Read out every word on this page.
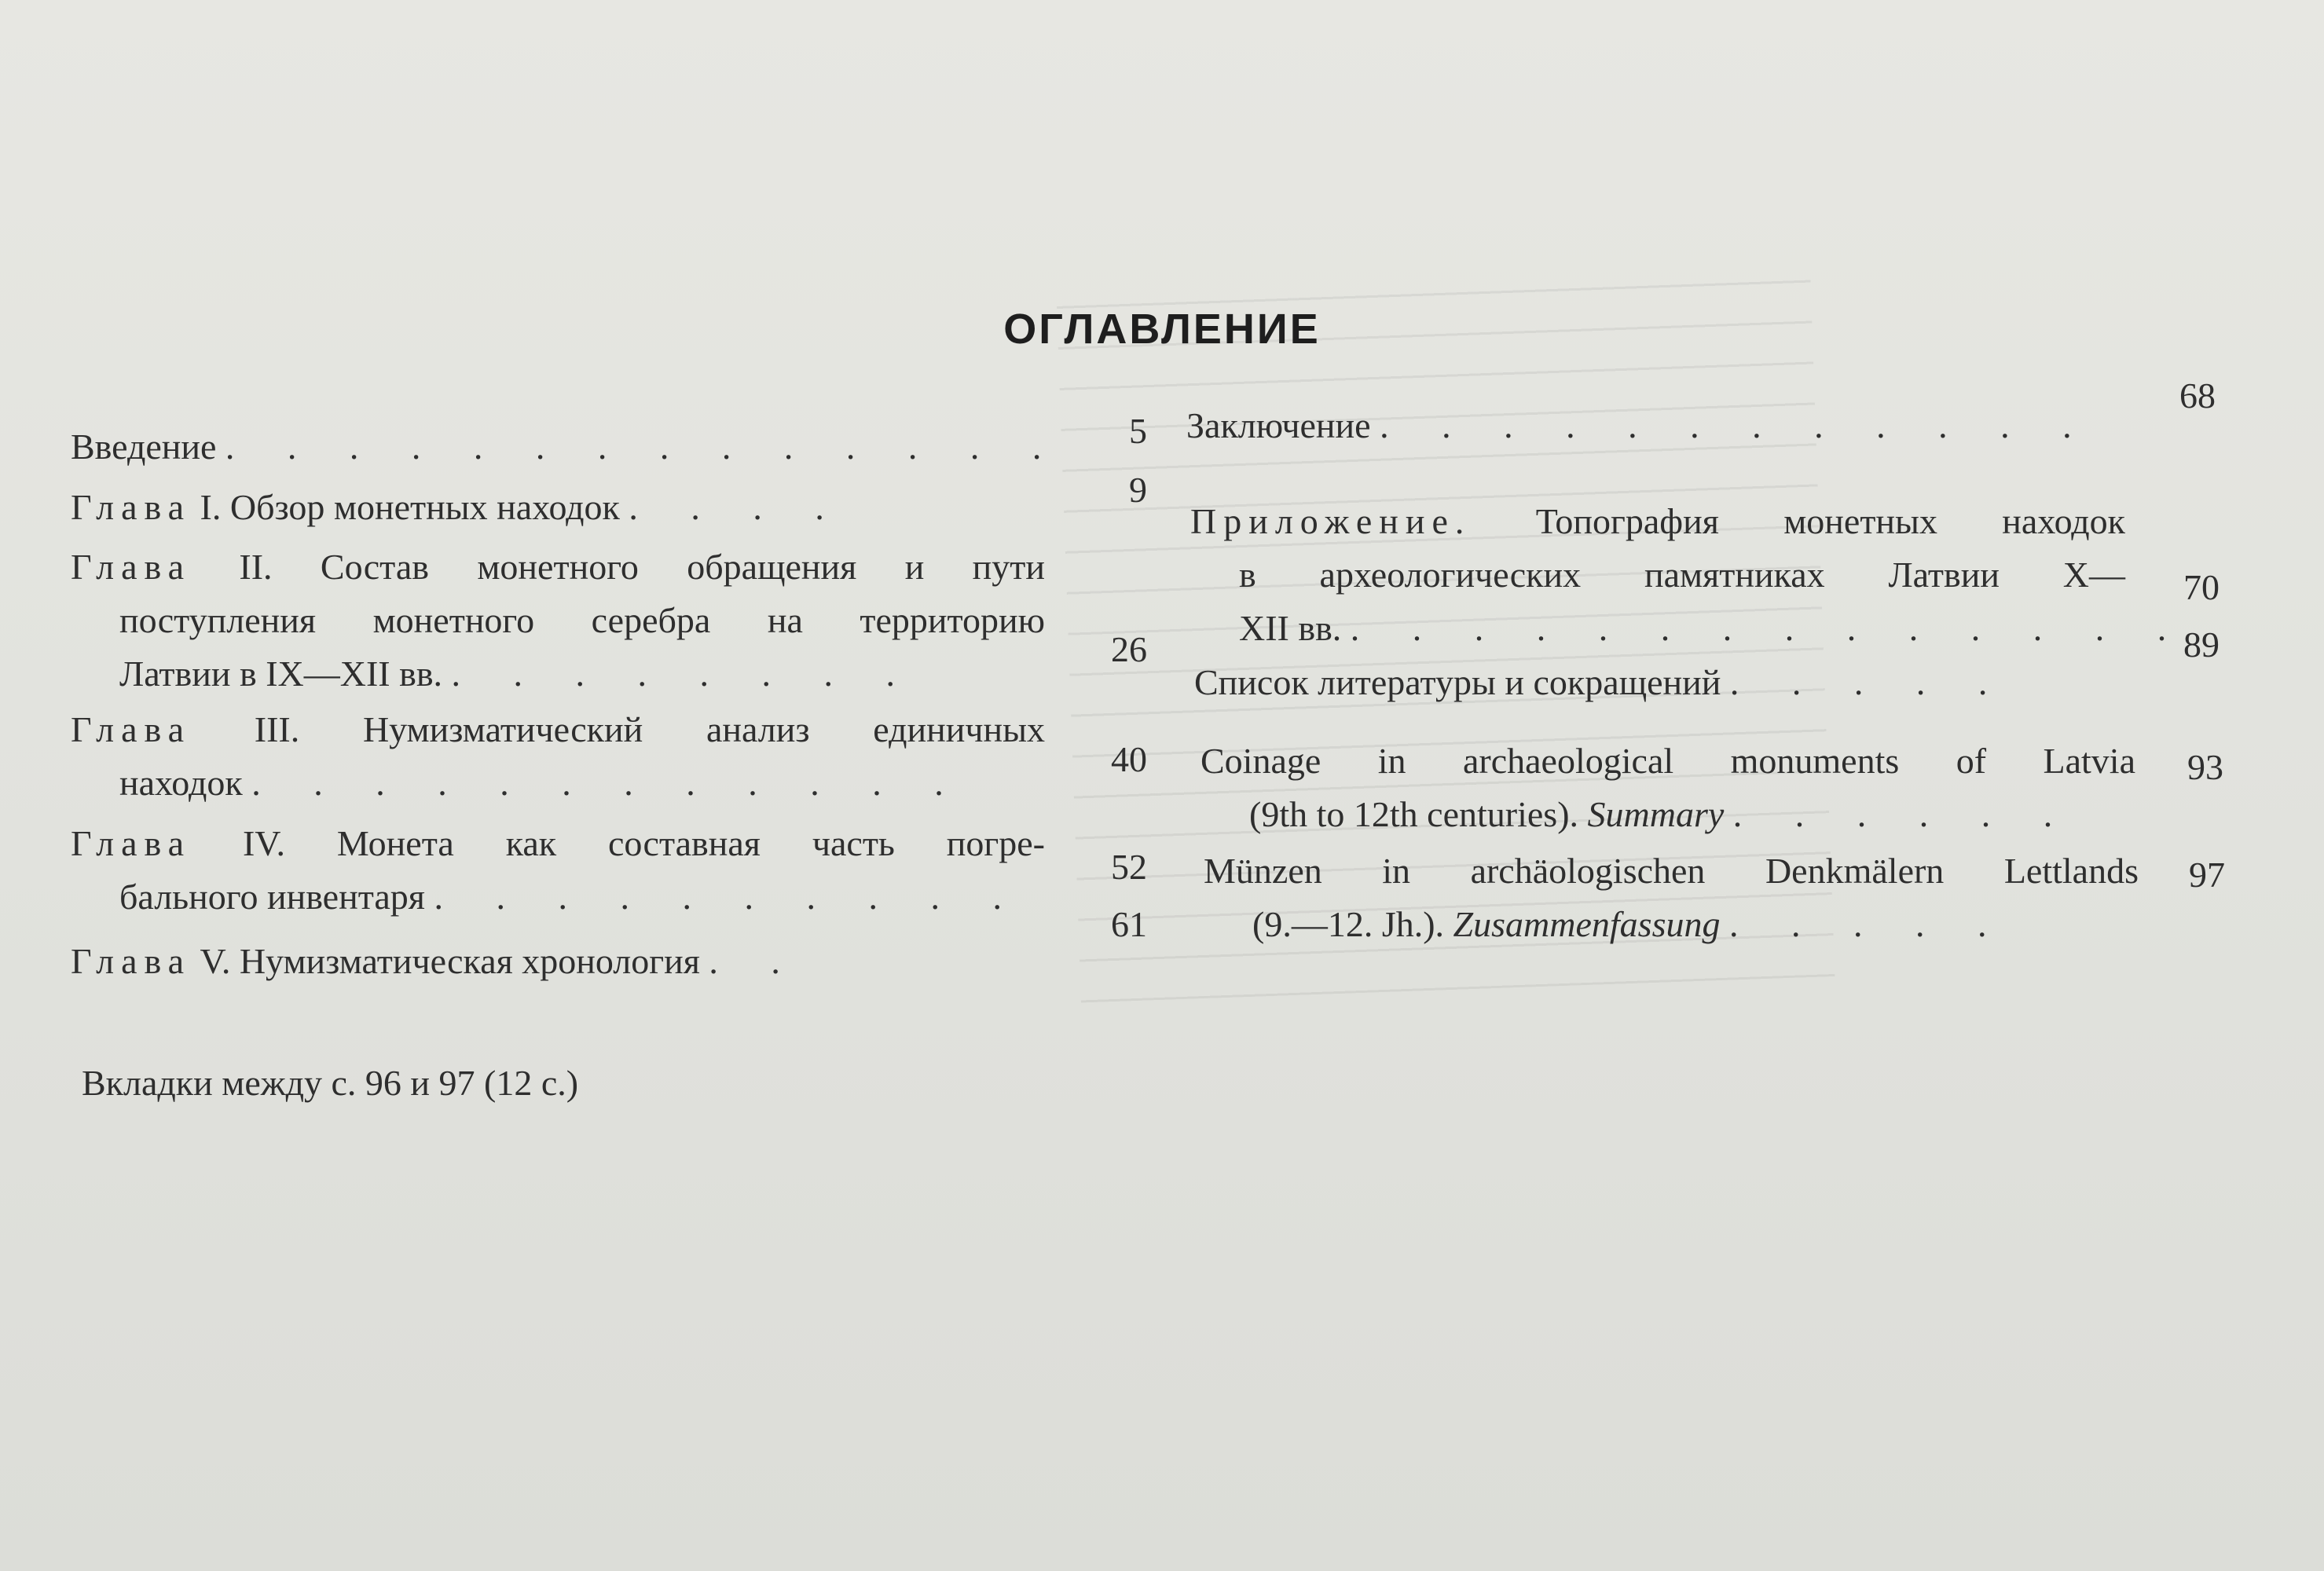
ОГЛАВЛЕНИЕ
Введение . . . . . . . . . . . . . .	5
Глава I. Обзор монетных находок . . . .	9
Глава II. Состав монетного обращения и пути
поступления монетного серебра на территорию
Латвии в IX—XII вв. . . . . . . . .
26
Глава III. Нумизматический анализ единичных
находок . . . . . . . . . . . .
40
Глава IV. Монета как составная часть погре-
бального инвентаря . . . . . . . . . .
52
Глава V. Нумизматическая хронология . .
61
Заключение . . . . . . . . . . . .
68
Приложение. Топография монетных находок
в археологических памятниках Латвии X—
XII вв. . . . . . . . . . . . . . .
70
Список литературы и сокращений . . . . .
89
Coinage in archaeological monuments of Latvia
(9th to 12th centuries). Summary . . . . . .
93
Münzen in archäologischen Denkmälern Lettlands
(9.—12. Jh.). Zusammenfassung . . . . .
97
Вкладки между с. 96 и 97 (12 с.)
